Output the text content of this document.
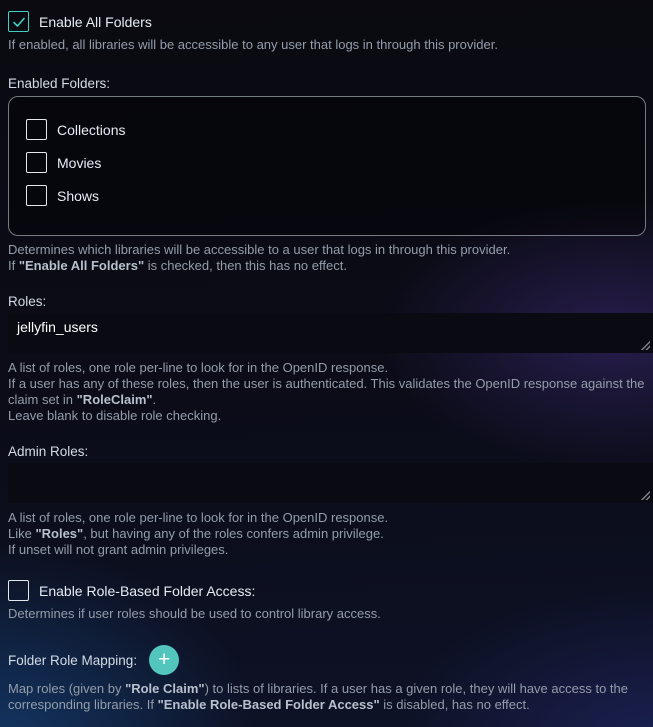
Enable All Folders

If enabled, all libraries will be accessible to any user that logs in through this provider.

Enabled Folders:
Collections
Movies
Shows

Determines which libraries will be accessible to a user that logs in through this provider.

If "Enable All Folders" is checked, then this has no effect.

Roles:
jellyfin_users

A list of roles, one role per-line to look for in the OpenID response.

If a user has any of these roles, then the user is authenticated. This validates the OpenID response against the claim set in "RoleClaim".

Leave blank to disable role checking.

Admin Roles:

A list of roles, one role per-line to look for in the OpenID response.

Like "Roles", but having any of the roles confers admin privilege.

If unset will not grant admin privileges.

Enable Role-Based Folder Access:

Determines if user roles should be used to control library access.

Folder Role Mapping: +

Map roles (given by "Role Claim") to lists of libraries. If a user has a given role, they will have access to the corresponding libraries. If "Enable Role-Based Folder Access" is disabled, has no effect.
